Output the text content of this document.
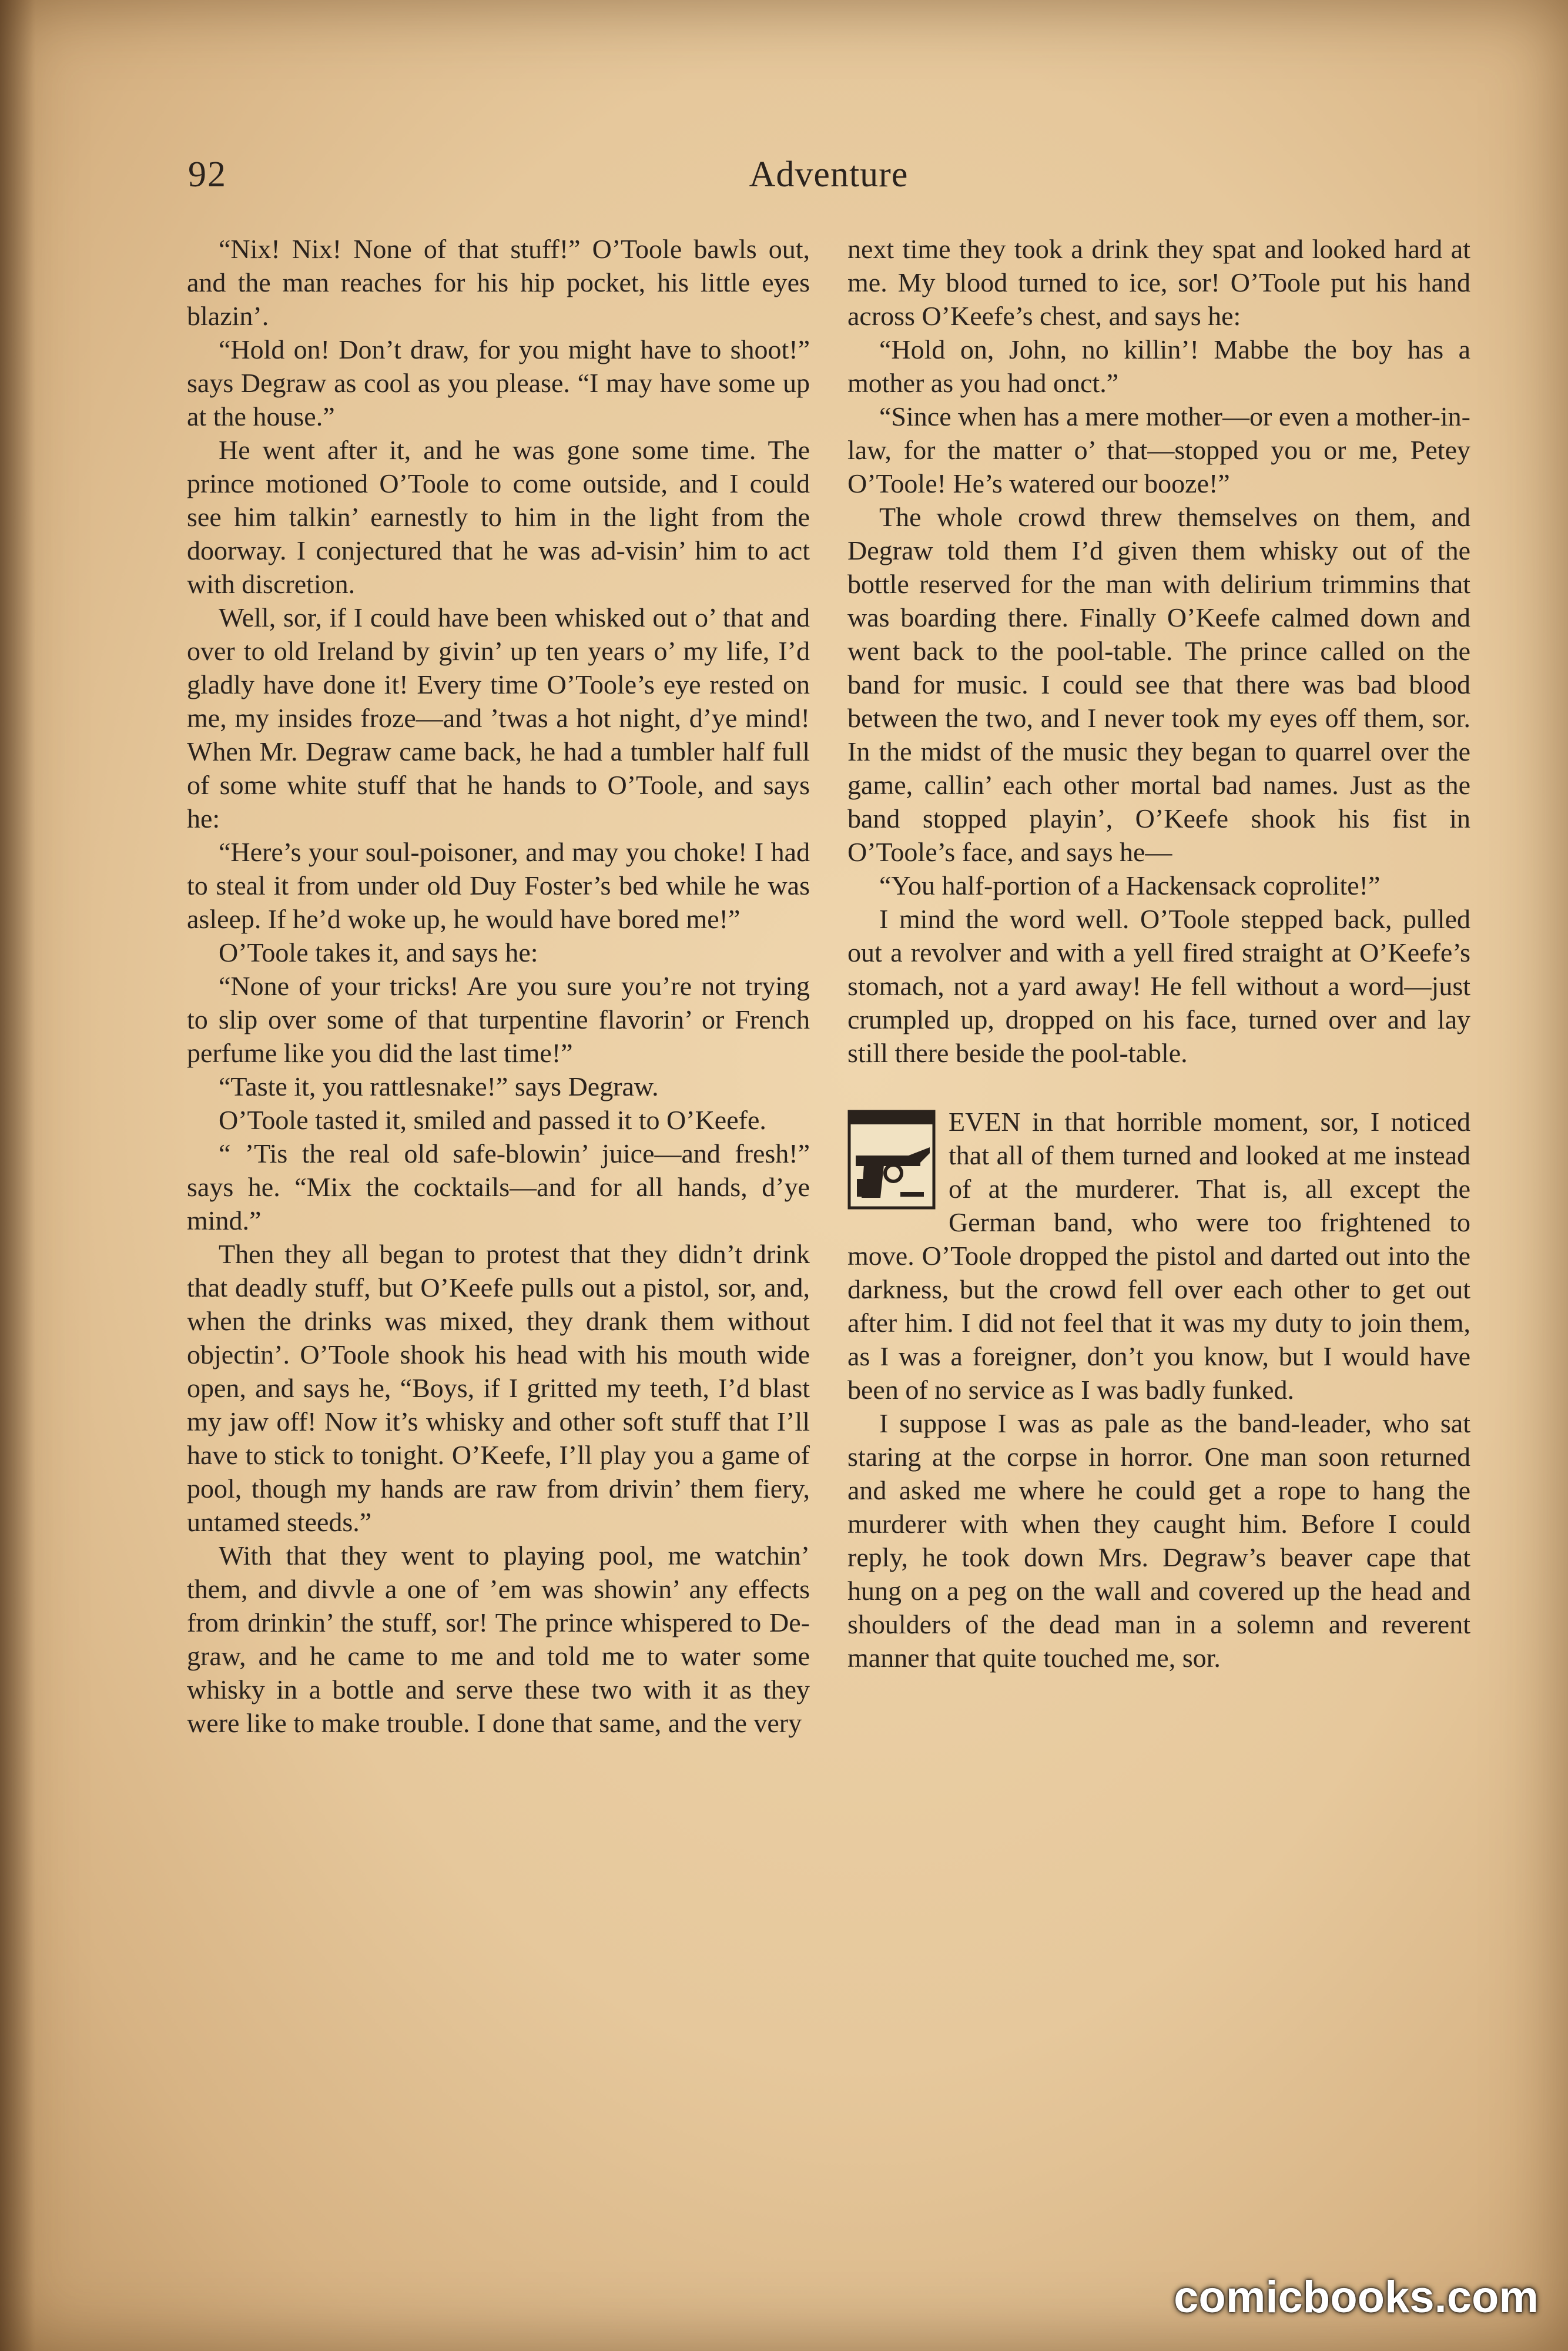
92	Adventure

“Nix! Nix! None of that stuff!” O’Toole bawls out, and the man reaches for his hip pocket, his little eyes blazin’.

“Hold on! Don’t draw, for you might have to shoot!” says Degraw as cool as you please. “I may have some up at the house.”

He went after it, and he was gone some time. The prince motioned O’Toole to come outside, and I could see him talkin’ earnestly to him in the light from the doorway. I conjectured that he was ad-visin’ him to act with discretion.

Well, sor, if I could have been whisked out o’ that and over to old Ireland by givin’ up ten years o’ my life, I’d gladly have done it! Every time O’Toole’s eye rested on me, my insides froze—and ’twas a hot night, d’ye mind! When Mr. Degraw came back, he had a tumbler half full of some white stuff that he hands to O’Toole, and says he:

“Here’s your soul-poisoner, and may you choke! I had to steal it from under old Duy Foster’s bed while he was asleep. If he’d woke up, he would have bored me!”

O’Toole takes it, and says he:

“None of your tricks! Are you sure you’re not trying to slip over some of that turpentine flavorin’ or French perfume like you did the last time!”

“Taste it, you rattlesnake!” says Degraw.

O’Toole tasted it, smiled and passed it to O’Keefe.

“ ’Tis the real old safe-blowin’ juice—and fresh!” says he. “Mix the cocktails—and for all hands, d’ye mind.”

Then they all began to protest that they didn’t drink that deadly stuff, but O’Keefe pulls out a pistol, sor, and, when the drinks was mixed, they drank them without objectin’. O’Toole shook his head with his mouth wide open, and says he, “Boys, if I gritted my teeth, I’d blast my jaw off! Now it’s whisky and other soft stuff that I’ll have to stick to tonight. O’Keefe, I’ll play you a game of pool, though my hands are raw from drivin’ them fiery, untamed steeds.”

With that they went to playing pool, me watchin’ them, and divvle a one of ’em was showin’ any effects from drinkin’ the stuff, sor! The prince whispered to De-graw, and he came to me and told me to water some whisky in a bottle and serve these two with it as they were like to make trouble. I done that same, and the very

next time they took a drink they spat and looked hard at me. My blood turned to ice, sor! O’Toole put his hand across O’Keefe’s chest, and says he:

“Hold on, John, no killin’! Mabbe the boy has a mother as you had onct.”

“Since when has a mere mother—or even a mother-in-law, for the matter o’ that—stopped you or me, Petey O’Toole! He’s watered our booze!”

The whole crowd threw themselves on them, and Degraw told them I’d given them whisky out of the bottle reserved for the man with delirium trimmins that was boarding there. Finally O’Keefe calmed down and went back to the pool-table. The prince called on the band for music. I could see that there was bad blood between the two, and I never took my eyes off them, sor. In the midst of the music they began to quarrel over the game, callin’ each other mortal bad names. Just as the band stopped playin’, O’Keefe shook his fist in O’Toole’s face, and says he—

“You half-portion of a Hackensack coprolite!”

I mind the word well. O’Toole stepped back, pulled out a revolver and with a yell fired straight at O’Keefe’s stomach, not a yard away! He fell without a word—just crumpled up, dropped on his face, turned over and lay still there beside the pool-table.

EVEN in that horrible moment, sor, I noticed that all of them turned and looked at me instead of at the murderer. That is, all except the German band, who were too frightened to move. O’Toole dropped the pistol and darted out into the darkness, but the crowd fell over each other to get out after him. I did not feel that it was my duty to join them, as I was a foreigner, don’t you know, but I would have been of no service as I was badly funked.

I suppose I was as pale as the band-leader, who sat staring at the corpse in horror. One man soon returned and asked me where he could get a rope to hang the murderer with when they caught him. Before I could reply, he took down Mrs. Degraw’s beaver cape that hung on a peg on the wall and covered up the head and shoulders of the dead man in a solemn and reverent manner that quite touched me, sor.

comicbooks.com
